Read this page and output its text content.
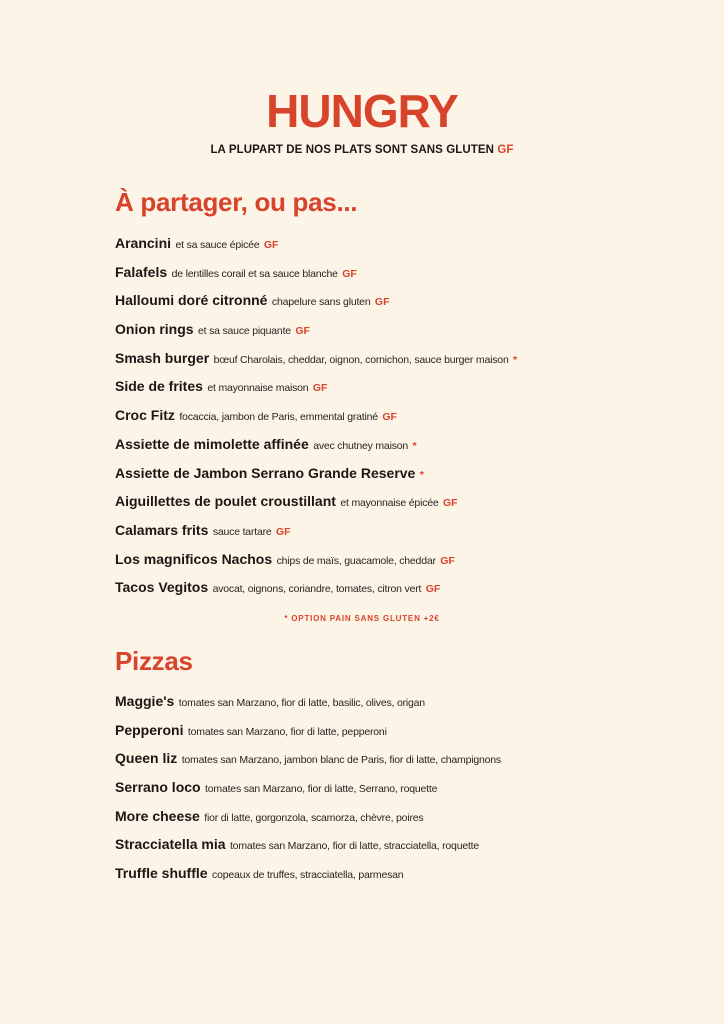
HUNGRY
LA PLUPART DE NOS PLATS SONT SANS GLUTEN GF
À partager, ou pas...
Arancini et sa sauce épicée GF
Falafels de lentilles corail et sa sauce blanche GF
Halloumi doré citronné chapelure sans gluten GF
Onion rings et sa sauce piquante GF
Smash burger bœuf Charolais, cheddar, oignon, cornichon, sauce burger maison *
Side de frites et mayonnaise maison GF
Croc Fitz focaccia, jambon de Paris, emmental gratiné GF
Assiette de mimolette affinée avec chutney maison *
Assiette de Jambon Serrano Grande Reserve *
Aiguillettes de poulet croustillant et mayonnaise épicée GF
Calamars frits sauce tartare GF
Los magnificos Nachos chips de maïs, guacamole, cheddar GF
Tacos Vegitos avocat, oignons, coriandre, tomates, citron vert GF
* OPTION PAIN SANS GLUTEN +2€
Pizzas
Maggie's tomates san Marzano, fior di latte, basilic, olives, origan
Pepperoni tomates san Marzano, fior di latte, pepperoni
Queen liz tomates san Marzano, jambon blanc de Paris, fior di latte, champignons
Serrano loco tomates san Marzano, fior di latte, Serrano, roquette
More cheese fior di latte, gorgonzola, scamorza, chèvre, poires
Stracciatella mia tomates san Marzano, fior di latte, stracciatella, roquette
Truffle shuffle copeaux de truffes, stracciatella, parmesan
